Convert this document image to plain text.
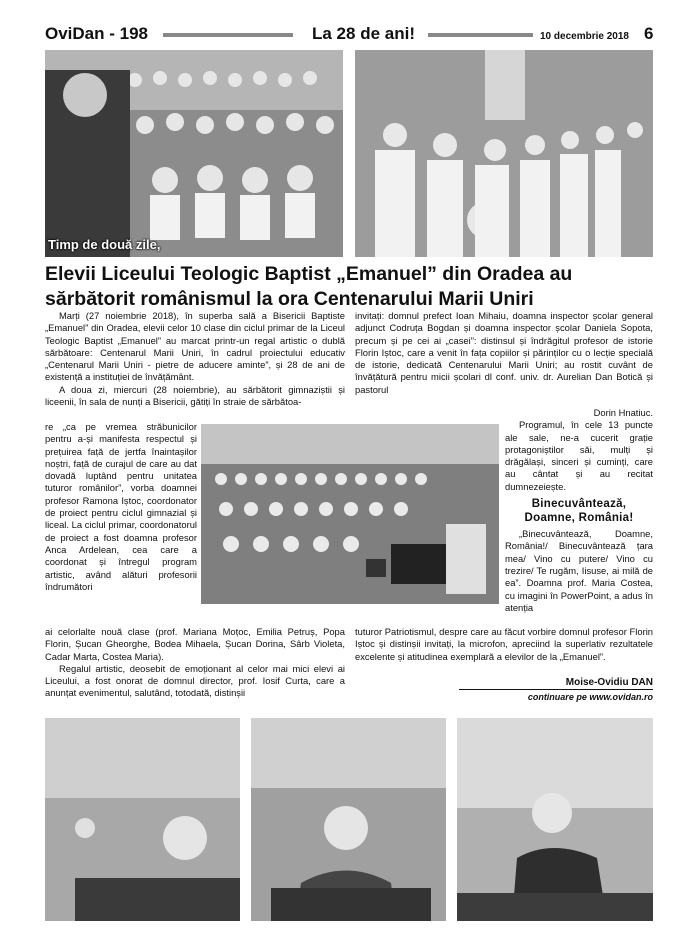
OviDan - 198	La 28 de ani!	10 decembrie 2018 6
Timp de două zile,
Elevii Liceului Teologic Baptist „Emanuel” din Oradea au sărbătorit românismul la ora Centenarului Marii Uniri

Marți (27 noiembrie 2018), în superba sală a Bisericii Baptiste „Emanuel” din Oradea, elevii celor 10 clase din ciclul primar de la Liceul Teologic Baptist „Emanuel” au marcat printr-un regal artistic o dublă sărbătoare: Centenarul Marii Uniri, în cadrul proiectului educativ „Centenarul Marii Uniri - pietre de aducere aminte”, și 28 de ani de existență a instituției de învățământ.

A doua zi, miercuri (28 noiembrie), au sărbătorit gimnaziștii și liceenii, în sala de nunți a Bisericii, gătiți în straie de sărbătoa-

re „ca pe vremea străbunicilor pentru a-și manifesta respectul și prețuirea față de jertfa înaintașilor noștri, față de curajul de care au dat dovadă luptând pentru unitatea tuturor românilor”, vorba doamnei profesor Ramona Iștoc, coordonator de proiect pentru ciclul gimnazial și liceal. La ciclul primar, coordonatorul de proiect a fost doamna profesor Anca Ardelean, cea care a coordonat și întregul program artistic, având alături profesorii îndrumători

ai celorlalte nouă clase (prof. Mariana Moțoc, Emilia Petruș, Popa Florin, Șucan Gheorghe, Bodea Mihaela, Șucan Dorina, Sârb Violeta, Cadar Marta, Costea Maria).

Regalul artistic, deosebit de emoționant al celor mai mici elevi ai Liceului, a fost onorat de domnul director, prof. Iosif Curta, care a anunțat evenimentul, salutând, totodată, distinșii

invitați: domnul prefect Ioan Mihaiu, doamna inspector școlar general adjunct Codruța Bogdan și doamna inspector școlar Daniela Sopota, precum și pe cei ai „casei”: distinsul și îndrăgitul profesor de istorie Florin Iștoc, care a venit în fața copiilor și părinților cu o lecție specială de istorie, dedicată Centenarului Marii Uniri; au rostit cuvânt de învățătură pentru micii școlari dl conf. univ. dr. Aurelian Dan Botică și pastorul

Dorin Hnatiuc.

Programul, în cele 13 puncte ale sale, ne-a cucerit grație protagoniștilor săi, mulți și drăgălași, sinceri și cuminți, care au cântat și au recitat dumnezeiește.

Binecuvântează, Doamne, România!

„Binecuvântează, Doamne, România!/ Binecuvântează țara mea/ Vino cu putere/ Vino cu trezire/ Te rugăm, Iisuse, ai milă de ea”. Doamna prof. Maria Costea, cu imagini în PowerPoint, a adus în atenția

tuturor Patriotismul, despre care au făcut vorbire domnul profesor Florin Iștoc și distinșii invitați, la microfon, apreciind la superlativ rezultatele excelente și atitudinea exemplară a elevilor de la „Emanuel”.

Moise-Ovidiu DAN
continuare pe www.ovidan.ro
